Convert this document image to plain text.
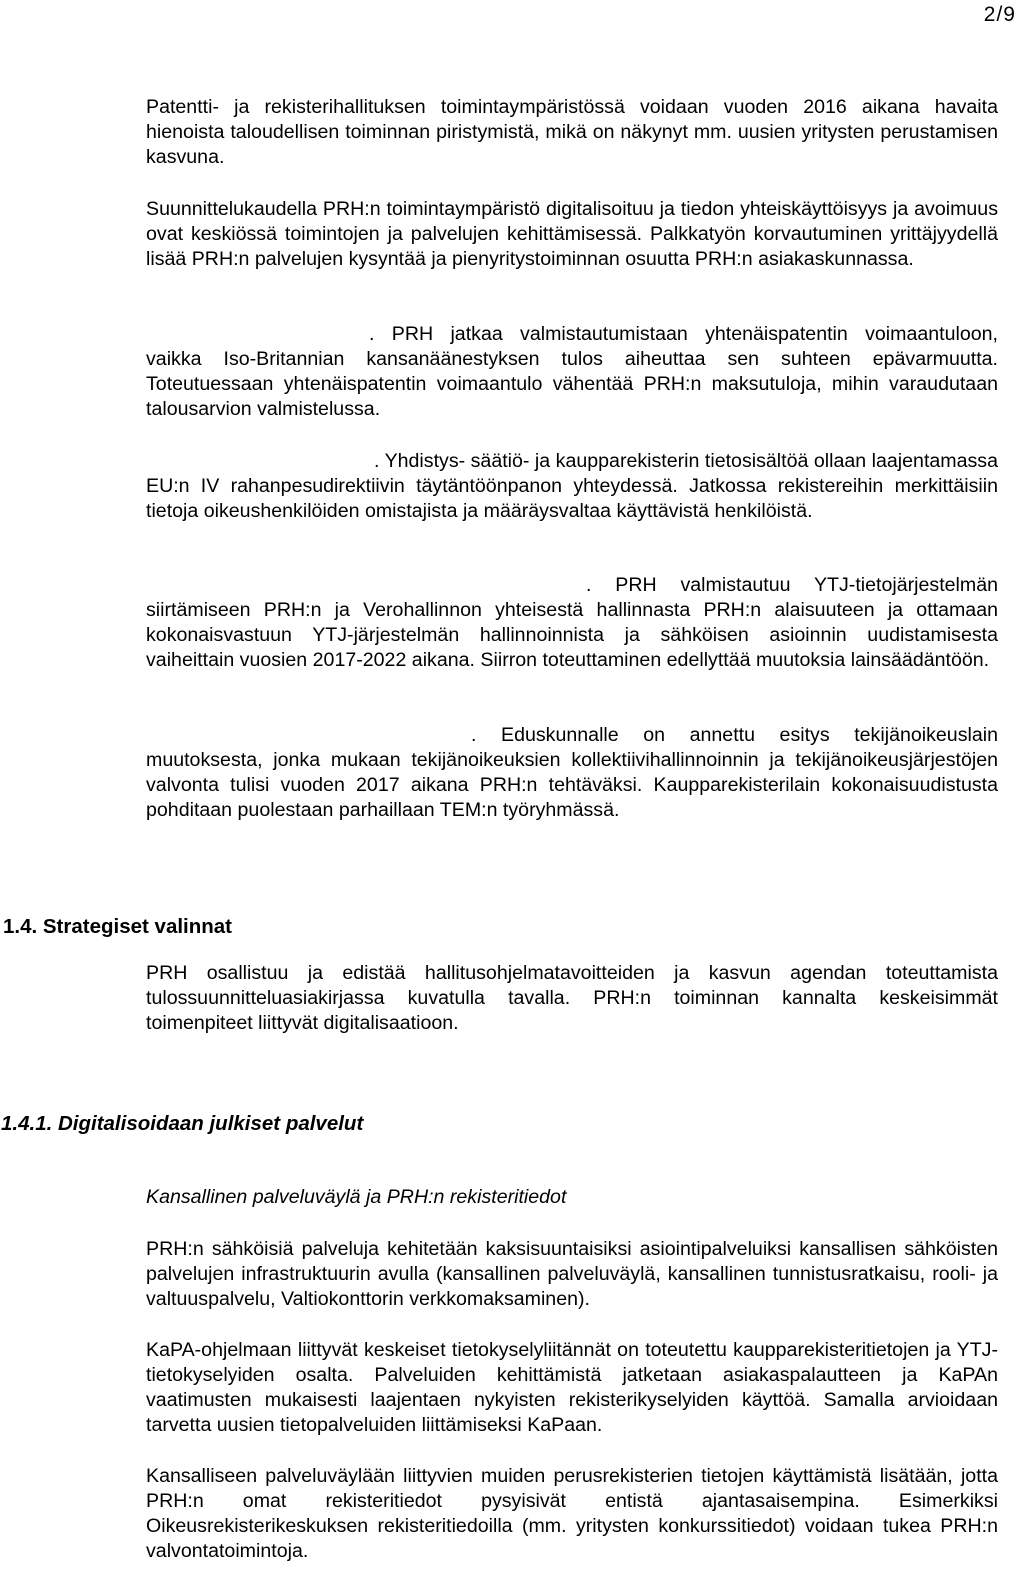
2/9

Patentti- ja rekisterihallituksen toimintaympäristössä voidaan vuoden 2016 aikana havaita hienoista taloudellisen toiminnan piristymistä, mikä on näkynyt mm. uusien yritysten perustamisen kasvuna.

Suunnittelukaudella PRH:n toimintaympäristö digitalisoituu ja tiedon yhteiskäyttöisyys ja avoimuus ovat keskiössä toimintojen ja palvelujen kehittämisessä. Palkkatyön korvautuminen yrittäjyydellä lisää PRH:n palvelujen kysyntää ja pienyritystoiminnan osuutta PRH:n asiakaskunnassa.

. PRH jatkaa valmistautumistaan yhtenäispatentin voimaantuloon, vaikka Iso-Britannian kansanäänestyksen tulos aiheuttaa sen suhteen epävarmuutta. Toteutuessaan yhtenäispatentin voimaantulo vähentää PRH:n maksutuloja, mihin varaudutaan talousarvion valmistelussa.

. Yhdistys- säätiö- ja kaupparekisterin tietosisältöä ollaan laajentamassa EU:n IV rahanpesudirektiivin täytäntöönpanon yhteydessä. Jatkossa rekistereihin merkittäisiin tietoja oikeushenkilöiden omistajista ja määräysvaltaa käyttävistä henkilöistä.

. PRH valmistautuu YTJ-tietojärjestelmän siirtämiseen PRH:n ja Verohallinnon yhteisestä hallinnasta PRH:n alaisuuteen ja ottamaan kokonaisvastuun YTJ-järjestelmän hallinnoinnista ja sähköisen asioinnin uudistamisesta vaiheittain vuosien 2017-2022 aikana. Siirron toteuttaminen edellyttää muutoksia lainsäädäntöön.

. Eduskunnalle on annettu esitys tekijänoikeuslain muutoksesta, jonka mukaan tekijänoikeuksien kollektiivihallinnoinnin ja tekijänoikeusjärjestöjen valvonta tulisi vuoden 2017 aikana PRH:n tehtäväksi. Kaupparekisterilain kokonaisuudistusta pohditaan puolestaan parhaillaan TEM:n työryhmässä.

1.4. Strategiset valinnat

PRH osallistuu ja edistää hallitusohjelmatavoitteiden ja kasvun agendan toteuttamista tulossuunnitteluasiakirjassa kuvatulla tavalla. PRH:n toiminnan kannalta keskeisimmät toimenpiteet liittyvät digitalisaatioon.

1.4.1. Digitalisoidaan julkiset palvelut

Kansallinen palveluväylä ja PRH:n rekisteritiedot

PRH:n sähköisiä palveluja kehitetään kaksisuuntaisiksi asiointipalveluiksi kansallisen sähköisten palvelujen infrastruktuurin avulla (kansallinen palveluväylä, kansallinen tunnistusratkaisu, rooli- ja valtuuspalvelu, Valtiokonttorin verkkomaksaminen).

KaPA-ohjelmaan liittyvät keskeiset tietokyselyliitännät on toteutettu kaupparekisteritietojen ja YTJ-tietokyselyiden osalta. Palveluiden kehittämistä jatketaan asiakaspalautteen ja KaPAn vaatimusten mukaisesti laajentaen nykyisten rekisterikyselyiden käyttöä. Samalla arvioidaan tarvetta uusien tietopalveluiden liittämiseksi KaPaan.

Kansalliseen palveluväylään liittyvien muiden perusrekisterien tietojen käyttämistä lisätään, jotta PRH:n omat rekisteritiedot pysyisivät entistä ajantasaisempina. Esimerkiksi Oikeusrekisterikeskuksen rekisteritiedoilla (mm. yritysten konkurssitiedot) voidaan tukea PRH:n valvontatoimintoja.
